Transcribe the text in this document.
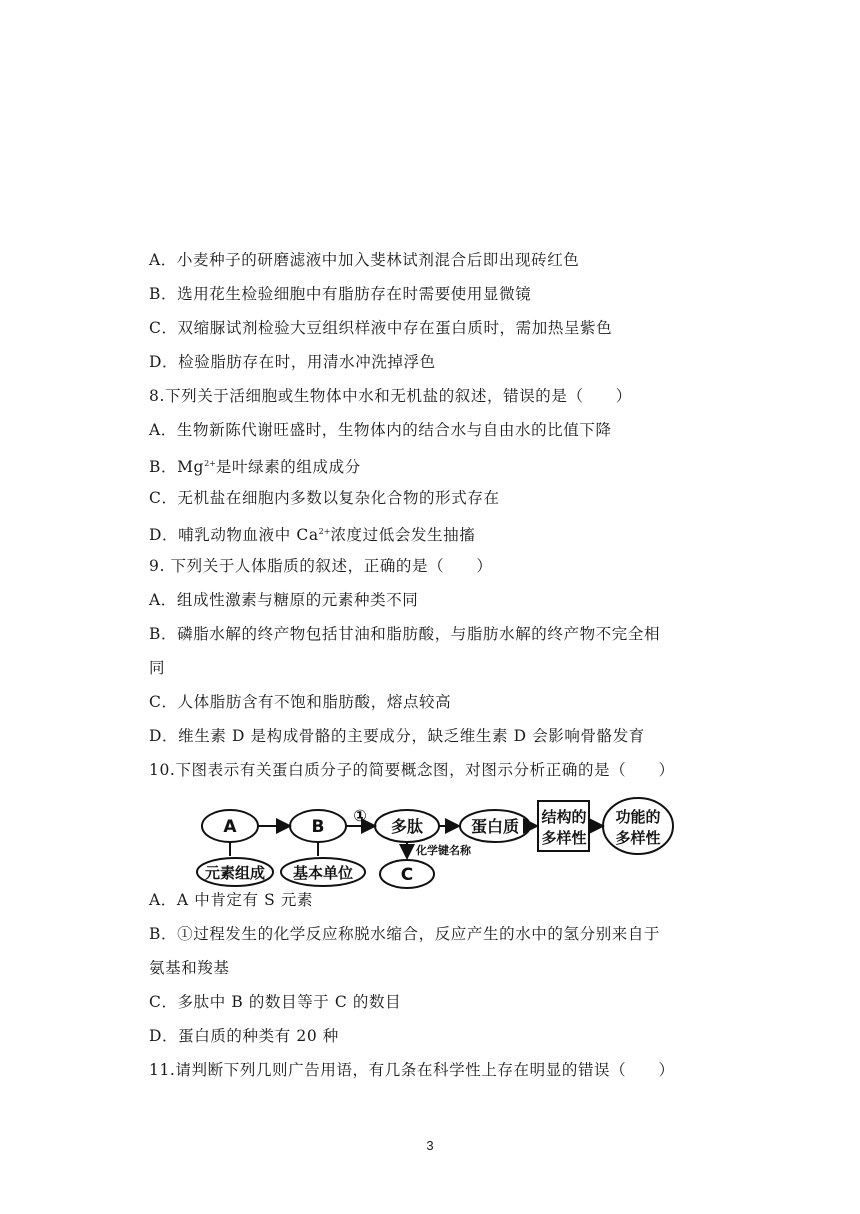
A．小麦种子的研磨滤液中加入斐林试剂混合后即出现砖红色
B．选用花生检验细胞中有脂肪存在时需要使用显微镜
C．双缩脲试剂检验大豆组织样液中存在蛋白质时，需加热呈紫色
D．检验脂肪存在时，用清水冲洗掉浮色
8.下列关于活细胞或生物体中水和无机盐的叙述，错误的是（　　）
A．生物新陈代谢旺盛时，生物体内的结合水与自由水的比值下降
B．$Mg^{2+}$是叶绿素的组成成分
C．无机盐在细胞内多数以复杂化合物的形式存在
D．哺乳动物血液中 $Ca^{2+}$浓度过低会发生抽搐
9. 下列关于人体脂质的叙述，正确的是（　　）
A．组成性激素与糖原的元素种类不同
B．磷脂水解的终产物包括甘油和脂肪酸，与脂肪水解的终产物不完全相
同
C．人体脂肪含有不饱和脂肪酸，熔点较高
D．维生素 D 是构成骨骼的主要成分，缺乏维生素 D 会影响骨骼发育
10.下图表示有关蛋白质分子的简要概念图，对图示分析正确的是（　　）
A	B
①
多肽	蛋白质 结构的
多样性
功能的
多样性
元素组成 基本单位
化学键名称
C
A．A 中肯定有 S 元素
B．①过程发生的化学反应称脱水缩合，反应产生的水中的氢分别来自于
氨基和羧基
C．多肽中 B 的数目等于 C 的数目
D．蛋白质的种类有 20 种
11.请判断下列几则广告用语，有几条在科学性上存在明显的错误（　　）
3
